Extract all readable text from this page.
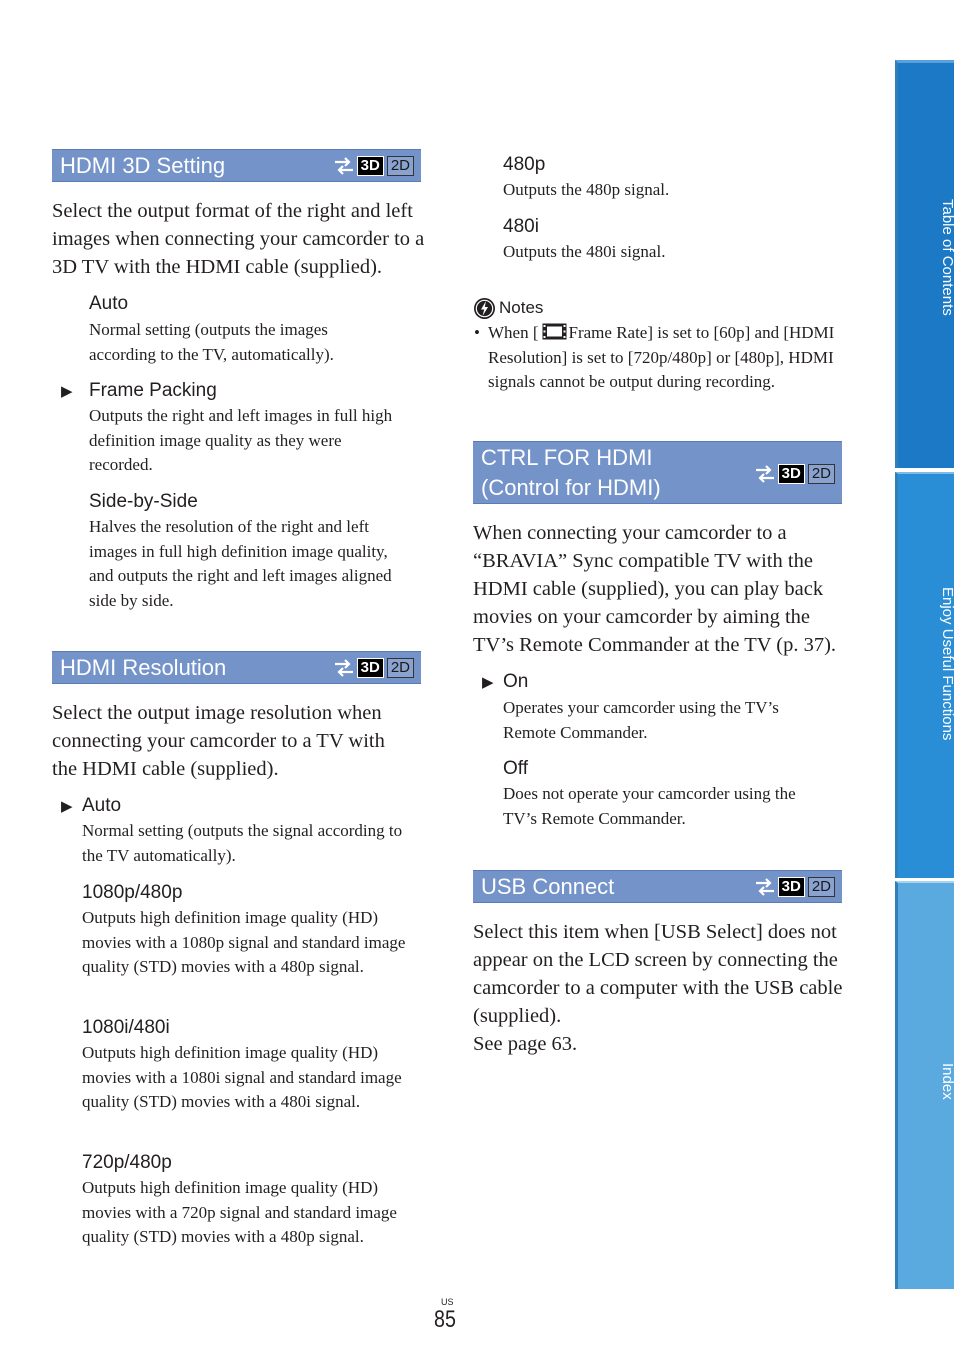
HDMI 3D Setting	3D 2D
Select the output format of the right and left images when connecting your camcorder to a 3D TV with the HDMI cable (supplied).
Auto
Normal setting (outputs the images according to the TV, automatically).
▶ Frame Packing
Outputs the right and left images in full high definition image quality as they were recorded.
Side-by-Side
Halves the resolution of the right and left images in full high definition image quality, and outputs the right and left images aligned side by side.
HDMI Resolution	3D 2D
Select the output image resolution when connecting your camcorder to a TV with the HDMI cable (supplied).
▶ Auto
Normal setting (outputs the signal according to the TV automatically).
1080p/480p
Outputs high definition image quality (HD) movies with a 1080p signal and standard image quality (STD) movies with a 480p signal.
1080i/480i
Outputs high definition image quality (HD) movies with a 1080i signal and standard image quality (STD) movies with a 480i signal.
720p/480p
Outputs high definition image quality (HD) movies with a 720p signal and standard image quality (STD) movies with a 480p signal.
480p
Outputs the 480p signal.
480i
Outputs the 480i signal.
Notes
• When [ Frame Rate] is set to [60p] and [HDMI Resolution] is set to [720p/480p] or [480p], HDMI signals cannot be output during recording.
CTRL FOR HDMI
(Control for HDMI)
3D 2D
When connecting your camcorder to a “BRAVIA” Sync compatible TV with the HDMI cable (supplied), you can play back movies on your camcorder by aiming the TV’s Remote Commander at the TV (p. 37).
▶ On
Operates your camcorder using the TV’s Remote Commander.
Off
Does not operate your camcorder using the TV’s Remote Commander.
USB Connect	3D 2D
Select this item when [USB Select] does not appear on the LCD screen by connecting the camcorder to a computer with the USB cable (supplied).
See page 63.
Table of Contents
Enjoy Useful Functions
Index
US
85
